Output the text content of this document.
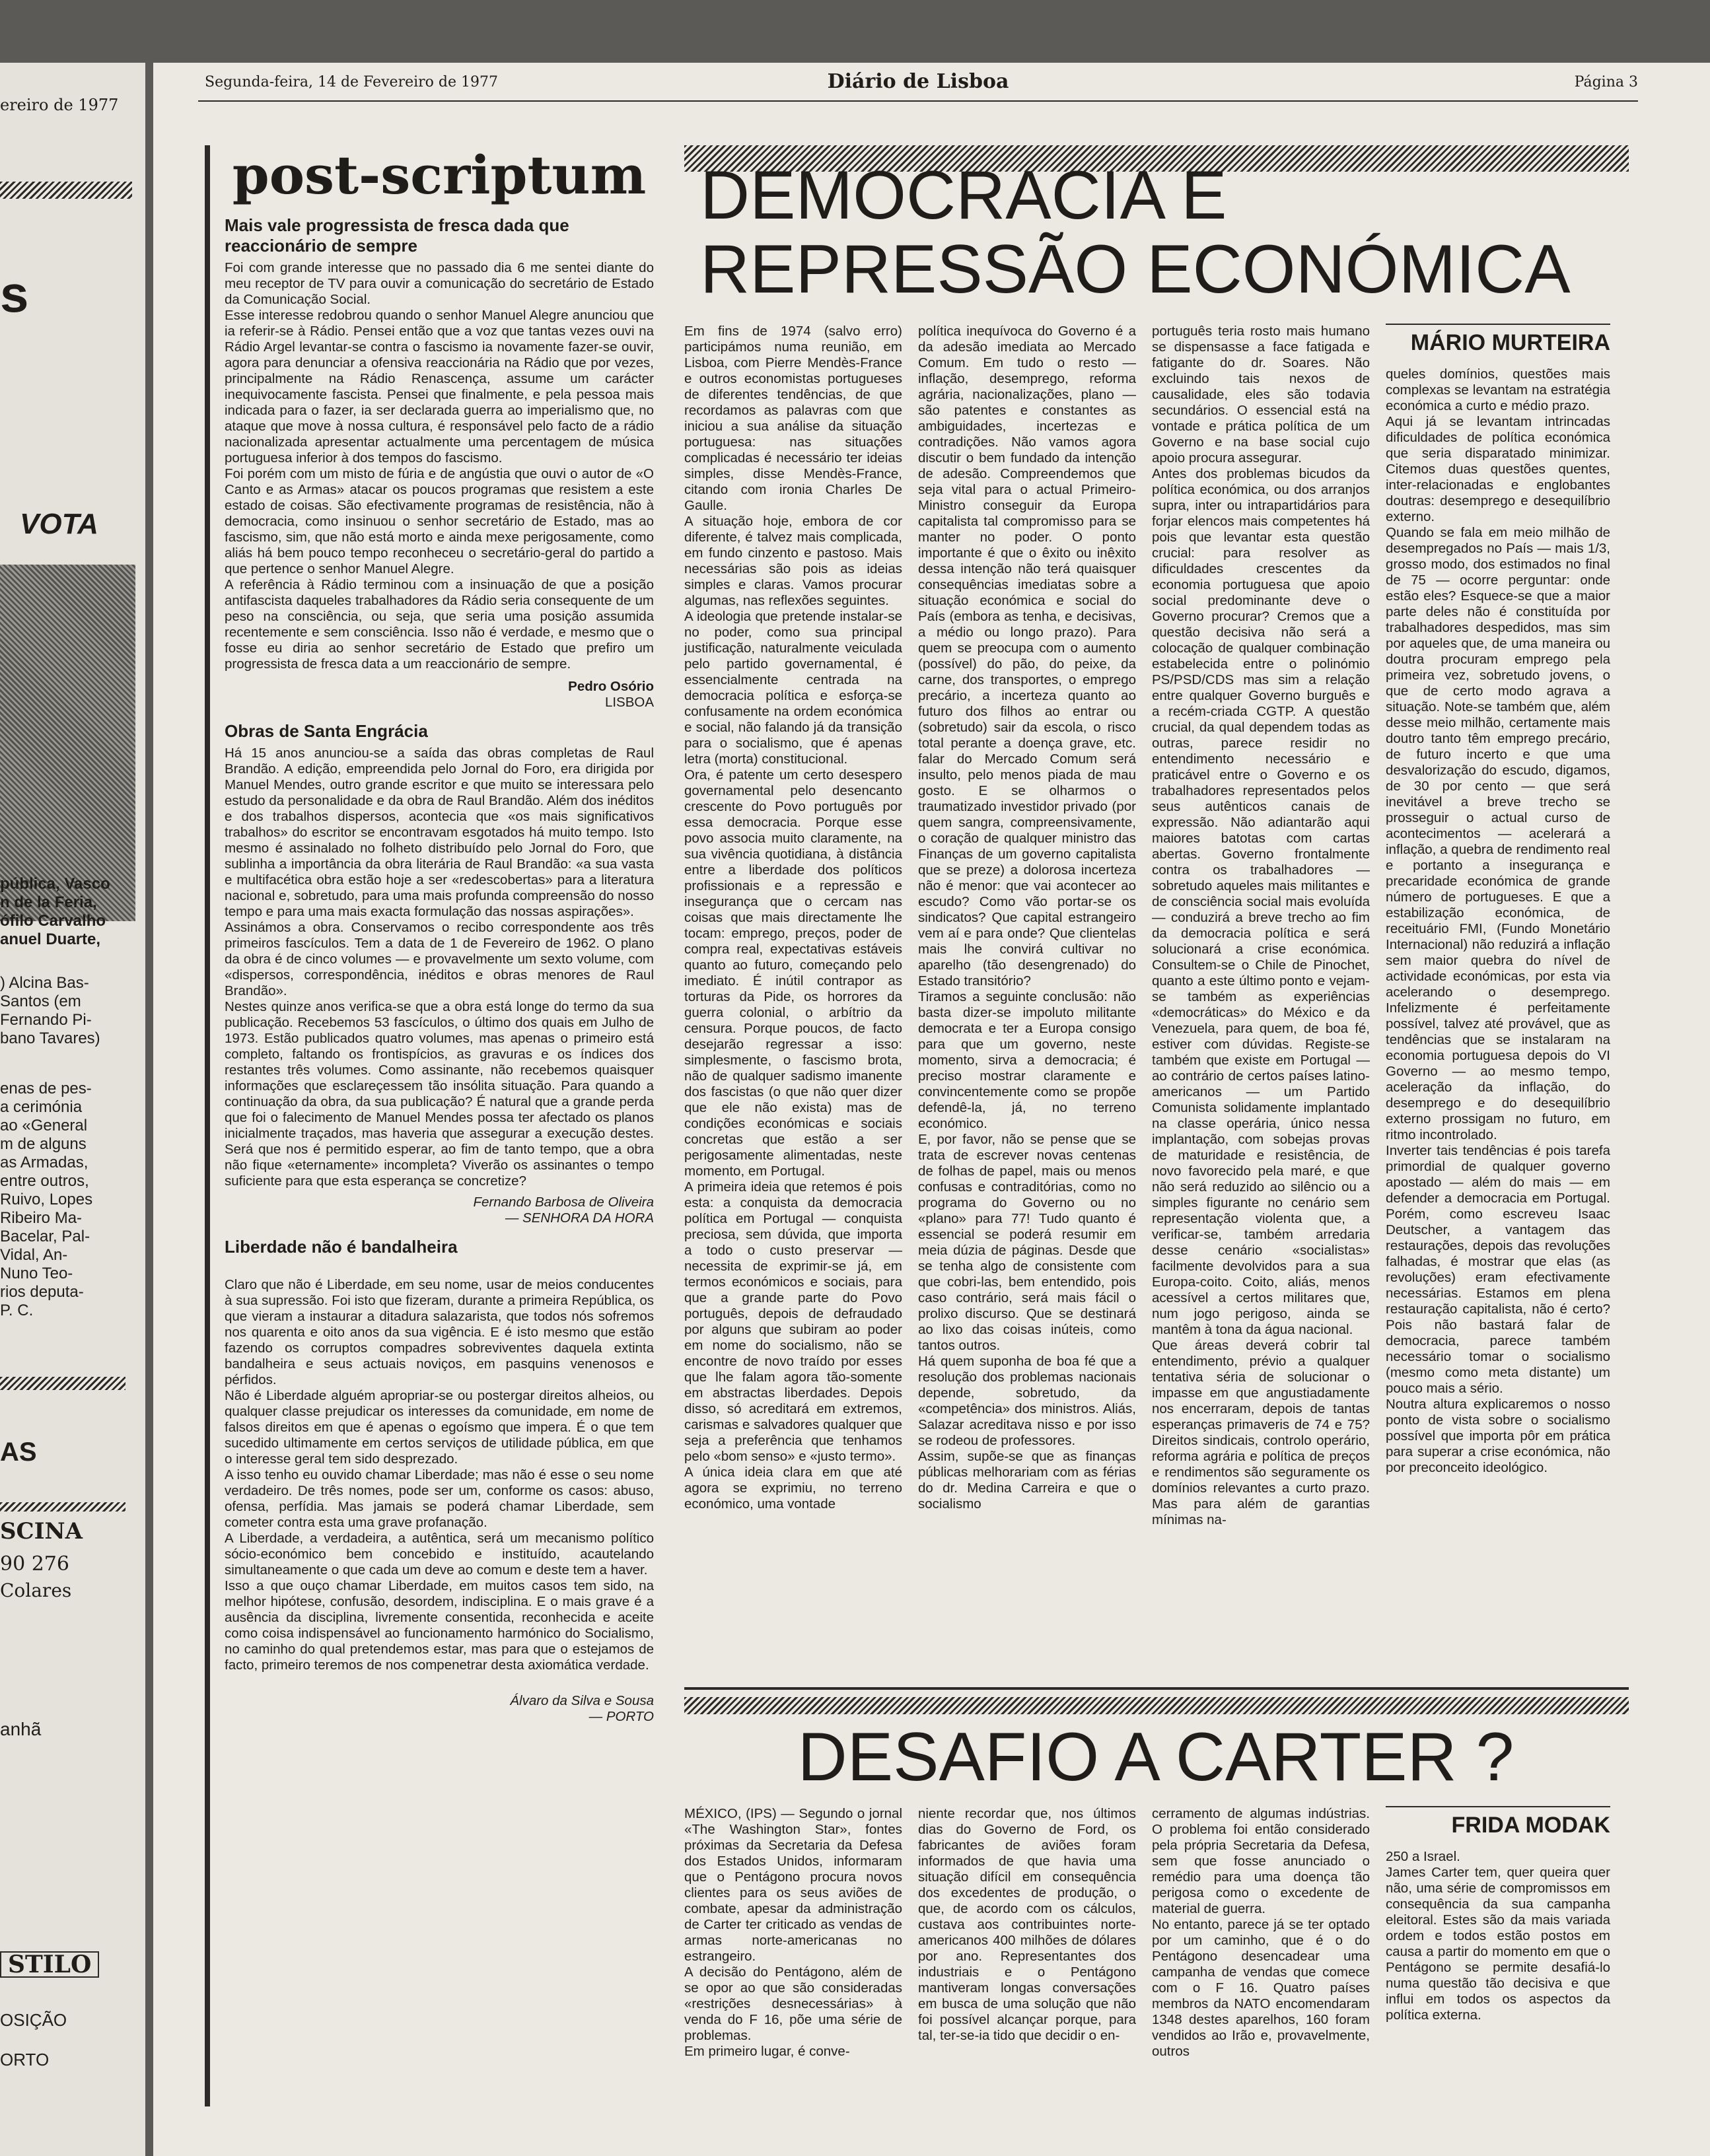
ereiro de 1977
s
VOTA
pública, Vasco
n de la Feria,
ófilo Carvalho
anuel Duarte,
) Alcina Bas-
Santos (em
Fernando Pi-
bano Tavares)
enas de pes-
a cerimónia
ao «General
m de alguns
as Armadas,
entre outros,
Ruivo, Lopes
Ribeiro Ma-
Bacelar, Pal-
Vidal, An-
Nuno Teo-
rios deputa-
P. C.
AS
SCINA
90 276
Colares
anhã
STILO
OSIÇÃO
ORTO
Segunda-feira, 14 de Fevereiro de 1977	Diário de Lisboa	Página 3
post-scriptum
Mais vale progressista de fresca dada que reaccionário de sempre

Foi com grande interesse que no passado dia 6 me sentei diante do meu receptor de TV para ouvir a comunicação do secretário de Estado da Comunicação Social.
Esse interesse redobrou quando o senhor Manuel Alegre anunciou que ia referir-se à Rádio. Pensei então que a voz que tantas vezes ouvi na Rádio Argel levantar-se contra o fascismo ia novamente fazer-se ouvir, agora para denunciar a ofensiva reaccionária na Rádio que por vezes, principalmente na Rádio Renascença, assume um carácter inequivocamente fascista. Pensei que finalmente, e pela pessoa mais indicada para o fazer, ia ser declarada guerra ao imperialismo que, no ataque que move à nossa cultura, é responsável pelo facto de a rádio nacionalizada apresentar actualmente uma percentagem de música portuguesa inferior à dos tempos do fascismo.
Foi porém com um misto de fúria e de angústia que ouvi o autor de «O Canto e as Armas» atacar os poucos programas que resistem a este estado de coisas. São efectivamente programas de resistência, não à democracia, como insinuou o senhor secretário de Estado, mas ao fascismo, sim, que não está morto e ainda mexe perigosamente, como aliás há bem pouco tempo reconheceu o secretário-geral do partido a que pertence o senhor Manuel Alegre.
A referência à Rádio terminou com a insinuação de que a posição antifascista daqueles trabalhadores da Rádio seria consequente de um peso na consciência, ou seja, que seria uma posição assumida recentemente e sem consciência. Isso não é verdade, e mesmo que o fosse eu diria ao senhor secretário de Estado que prefiro um progressista de fresca data a um reaccionário de sempre.

Pedro Osório

LISBOA

Obras de Santa Engrácia

Há 15 anos anunciou-se a saída das obras completas de Raul Brandão. A edição, empreendida pelo Jornal do Foro, era dirigida por Manuel Mendes, outro grande escritor e que muito se interessara pelo estudo da personalidade e da obra de Raul Brandão. Além dos inéditos e dos trabalhos dispersos, acontecia que «os mais significativos trabalhos» do escritor se encontravam esgotados há muito tempo. Isto mesmo é assinalado no folheto distribuído pelo Jornal do Foro, que sublinha a importância da obra literária de Raul Brandão: «a sua vasta e multifacética obra estão hoje a ser «redescobertas» para a literatura nacional e, sobretudo, para uma mais profunda compreensão do nosso tempo e para uma mais exacta formulação das nossas aspirações».
Assinámos a obra. Conservamos o recibo correspondente aos três primeiros fascículos. Tem a data de 1 de Fevereiro de 1962. O plano da obra é de cinco volumes — e provavelmente um sexto volume, com «dispersos, correspondência, inéditos e obras menores de Raul Brandão».
Nestes quinze anos verifica-se que a obra está longe do termo da sua publicação. Recebemos 53 fascículos, o último dos quais em Julho de 1973. Estão publicados quatro volumes, mas apenas o primeiro está completo, faltando os frontispícios, as gravuras e os índices dos restantes três volumes. Como assinante, não recebemos quaisquer informações que esclareçessem tão insólita situação. Para quando a continuação da obra, da sua publicação? É natural que a grande perda que foi o falecimento de Manuel Mendes possa ter afectado os planos inicialmente traçados, mas haveria que assegurar a execução destes. Será que nos é permitido esperar, ao fim de tanto tempo, que a obra não fique «eternamente» incompleta? Viverão os assinantes o tempo suficiente para que esta esperança se concretize?

Fernando Barbosa de Oliveira

— SENHORA DA HORA

Liberdade não é bandalheira

Claro que não é Liberdade, em seu nome, usar de meios conducentes à sua supressão. Foi isto que fizeram, durante a primeira República, os que vieram a instaurar a ditadura salazarista, que todos nós sofremos nos quarenta e oito anos da sua vigência. E é isto mesmo que estão fazendo os corruptos compadres sobreviventes daquela extinta bandalheira e seus actuais noviços, em pasquins venenosos e pérfidos.
Não é Liberdade alguém apropriar-se ou postergar direitos alheios, ou qualquer classe prejudicar os interesses da comunidade, em nome de falsos direitos em que é apenas o egoísmo que impera. É o que tem sucedido ultimamente em certos serviços de utilidade pública, em que o interesse geral tem sido desprezado.
A isso tenho eu ouvido chamar Liberdade; mas não é esse o seu nome verdadeiro. De três nomes, pode ser um, conforme os casos: abuso, ofensa, perfídia. Mas jamais se poderá chamar Liberdade, sem cometer contra esta uma grave profanação.
A Liberdade, a verdadeira, a autêntica, será um mecanismo político sócio-económico bem concebido e instituído, acautelando simultaneamente o que cada um deve ao comum e deste tem a haver.
Isso a que ouço chamar Liberdade, em muitos casos tem sido, na melhor hipótese, confusão, desordem, indisciplina. E o mais grave é a ausência da disciplina, livremente consentida, reconhecida e aceite como coisa indispensável ao funcionamento harmónico do Socialismo, no caminho do qual pretendemos estar, mas para que o estejamos de facto, primeiro teremos de nos compenetrar desta axiomática verdade.

Álvaro da Silva e Sousa

— PORTO

DEMOCRACIA E REPRESSÃO ECONÓMICA

Em fins de 1974 (salvo erro) participámos numa reunião, em Lisboa, com Pierre Mendès-France e outros economistas portugueses de diferentes tendências, de que recordamos as palavras com que iniciou a sua análise da situação portuguesa: nas situações complicadas é necessário ter ideias simples, disse Mendès-France, citando com ironia Charles De Gaulle.
A situação hoje, embora de cor diferente, é talvez mais complicada, em fundo cinzento e pastoso. Mais necessárias são pois as ideias simples e claras. Vamos procurar algumas, nas reflexões seguintes.
A ideologia que pretende instalar-se no poder, como sua principal justificação, naturalmente veiculada pelo partido governamental, é essencialmente centrada na democracia política e esforça-se confusamente na ordem económica e social, não falando já da transição para o socialismo, que é apenas letra (morta) constitucional.
Ora, é patente um certo desespero governamental pelo desencanto crescente do Povo português por essa democracia. Porque esse povo associa muito claramente, na sua vivência quotidiana, à distância entre a liberdade dos políticos profissionais e a repressão e insegurança que o cercam nas coisas que mais directamente lhe tocam: emprego, preços, poder de compra real, expectativas estáveis quanto ao futuro, começando pelo imediato. É inútil contrapor as torturas da Pide, os horrores da guerra colonial, o arbítrio da censura. Porque poucos, de facto desejarão regressar a isso: simplesmente, o fascismo brota, não de qualquer sadismo imanente dos fascistas (o que não quer dizer que ele não exista) mas de condições económicas e sociais concretas que estão a ser perigosamente alimentadas, neste momento, em Portugal.
A primeira ideia que retemos é pois esta: a conquista da democracia política em Portugal — conquista preciosa, sem dúvida, que importa a todo o custo preservar — necessita de exprimir-se já, em termos económicos e sociais, para que a grande parte do Povo português, depois de defraudado por alguns que subiram ao poder em nome do socialismo, não se encontre de novo traído por esses que lhe falam agora tão-somente em abstractas liberdades. Depois disso, só acreditará em extremos, carismas e salvadores qualquer que seja a preferência que tenhamos pelo «bom senso» e «justo termo».
A única ideia clara em que até agora se exprimiu, no terreno económico, uma vontade

política inequívoca do Governo é a da adesão imediata ao Mercado Comum. Em tudo o resto — inflação, desemprego, reforma agrária, nacionalizações, plano — são patentes e constantes as ambiguidades, incertezas e contradições. Não vamos agora discutir o bem fundado da intenção de adesão. Compreendemos que seja vital para o actual Primeiro-Ministro conseguir da Europa capitalista tal compromisso para se manter no poder. O ponto importante é que o êxito ou inêxito dessa intenção não terá quaisquer consequências imediatas sobre a situação económica e social do País (embora as tenha, e decisivas, a médio ou longo prazo). Para quem se preocupa com o aumento (possível) do pão, do peixe, da carne, dos transportes, o emprego precário, a incerteza quanto ao futuro dos filhos ao entrar ou (sobretudo) sair da escola, o risco total perante a doença grave, etc. falar do Mercado Comum será insulto, pelo menos piada de mau gosto. E se olharmos o traumatizado investidor privado (por quem sangra, compreensivamente, o coração de qualquer ministro das Finanças de um governo capitalista que se preze) a dolorosa incerteza não é menor: que vai acontecer ao escudo? Como vão portar-se os sindicatos? Que capital estrangeiro vem aí e para onde? Que clientelas mais lhe convirá cultivar no aparelho (tão desengrenado) do Estado transitório?
Tiramos a seguinte conclusão: não basta dizer-se impoluto militante democrata e ter a Europa consigo para que um governo, neste momento, sirva a democracia; é preciso mostrar claramente e convincentemente como se propõe defendê-la, já, no terreno económico.
E, por favor, não se pense que se trata de escrever novas centenas de folhas de papel, mais ou menos confusas e contraditórias, como no programa do Governo ou no «plano» para 77! Tudo quanto é essencial se poderá resumir em meia dúzia de páginas. Desde que se tenha algo de consistente com que cobri-las, bem entendido, pois caso contrário, será mais fácil o prolixo discurso. Que se destinará ao lixo das coisas inúteis, como tantos outros.
Há quem suponha de boa fé que a resolução dos problemas nacionais depende, sobretudo, da «competência» dos ministros. Aliás, Salazar acreditava nisso e por isso se rodeou de professores.
Assim, supõe-se que as finanças públicas melhorariam com as férias do dr. Medina Carreira e que o socialismo

português teria rosto mais humano se dispensasse a face fatigada e fatigante do dr. Soares. Não excluindo tais nexos de causalidade, eles são todavia secundários. O essencial está na vontade e prática política de um Governo e na base social cujo apoio procura assegurar.
Antes dos problemas bicudos da política económica, ou dos arranjos supra, inter ou intrapartidários para forjar elencos mais competentes há pois que levantar esta questão crucial: para resolver as dificuldades crescentes da economia portuguesa que apoio social predominante deve o Governo procurar? Cremos que a questão decisiva não será a colocação de qualquer combinação estabelecida entre o polinómio PS/PSD/CDS mas sim a relação entre qualquer Governo burguês e a recém-criada CGTP. A questão crucial, da qual dependem todas as outras, parece residir no entendimento necessário e praticável entre o Governo e os trabalhadores representados pelos seus autênticos canais de expressão. Não adiantarão aqui maiores batotas com cartas abertas. Governo frontalmente contra os trabalhadores — sobretudo aqueles mais militantes e de consciência social mais evoluída — conduzirá a breve trecho ao fim da democracia política e será solucionará a crise económica. Consultem-se o Chile de Pinochet, quanto a este último ponto e vejam-se também as experiências «democráticas» do México e da Venezuela, para quem, de boa fé, estiver com dúvidas. Registe-se também que existe em Portugal — ao contrário de certos países latino-americanos — um Partido Comunista solidamente implantado na classe operária, único nessa implantação, com sobejas provas de maturidade e resistência, de novo favorecido pela maré, e que não será reduzido ao silêncio ou a simples figurante no cenário sem representação violenta que, a verificar-se, também arredaria desse cenário «socialistas» facilmente devolvidos para a sua Europa-coito. Coito, aliás, menos acessível a certos militares que, num jogo perigoso, ainda se mantêm à tona da água nacional.
Que áreas deverá cobrir tal entendimento, prévio a qualquer tentativa séria de solucionar o impasse em que angustiadamente nos encerraram, depois de tantas esperanças primaveris de 74 e 75? Direitos sindicais, controlo operário, reforma agrária e política de preços e rendimentos são seguramente os domínios relevantes a curto prazo. Mas para além de garantias mínimas na-

MÁRIO MURTEIRA

queles domínios, questões mais complexas se levantam na estratégia económica a curto e médio prazo.
Aqui já se levantam intrincadas dificuldades de política económica que seria disparatado minimizar. Citemos duas questões quentes, inter-relacionadas e englobantes doutras: desemprego e desequilíbrio externo.
Quando se fala em meio milhão de desempregados no País — mais 1/3, grosso modo, dos estimados no final de 75 — ocorre perguntar: onde estão eles? Esquece-se que a maior parte deles não é constituída por trabalhadores despedidos, mas sim por aqueles que, de uma maneira ou doutra procuram emprego pela primeira vez, sobretudo jovens, o que de certo modo agrava a situação. Note-se também que, além desse meio milhão, certamente mais doutro tanto têm emprego precário, de futuro incerto e que uma desvalorização do escudo, digamos, de 30 por cento — que será inevitável a breve trecho se prosseguir o actual curso de acontecimentos — acelerará a inflação, a quebra de rendimento real e portanto a insegurança e precaridade económica de grande número de portugueses. E que a estabilização económica, de receituário FMI, (Fundo Monetário Internacional) não reduzirá a inflação sem maior quebra do nível de actividade económicas, por esta via acelerando o desemprego. Infelizmente é perfeitamente possível, talvez até provável, que as tendências que se instalaram na economia portuguesa depois do VI Governo — ao mesmo tempo, aceleração da inflação, do desemprego e do desequilíbrio externo prossigam no futuro, em ritmo incontrolado.
Inverter tais tendências é pois tarefa primordial de qualquer governo apostado — além do mais — em defender a democracia em Portugal. Porém, como escreveu Isaac Deutscher, a vantagem das restaurações, depois das revoluções falhadas, é mostrar que elas (as revoluções) eram efectivamente necessárias. Estamos em plena restauração capitalista, não é certo? Pois não bastará falar de democracia, parece também necessário tomar o socialismo (mesmo como meta distante) um pouco mais a sério.
Noutra altura explicaremos o nosso ponto de vista sobre o socialismo possível que importa pôr em prática para superar a crise económica, não por preconceito ideológico.

DESAFIO A CARTER ?

MÉXICO, (IPS) — Segundo o jornal «The Washington Star», fontes próximas da Secretaria da Defesa dos Estados Unidos, informaram que o Pentágono procura novos clientes para os seus aviões de combate, apesar da administração de Carter ter criticado as vendas de armas norte-americanas no estrangeiro.
A decisão do Pentágono, além de se opor ao que são consideradas «restrições desnecessárias» à venda do F 16, põe uma série de problemas.
Em primeiro lugar, é conve-

niente recordar que, nos últimos dias do Governo de Ford, os fabricantes de aviões foram informados de que havia uma situação difícil em consequência dos excedentes de produção, o que, de acordo com os cálculos, custava aos contribuintes norte-americanos 400 milhões de dólares por ano. Representantes dos industriais e o Pentágono mantiveram longas conversações em busca de uma solução que não foi possível alcançar porque, para tal, ter-se-ia tido que decidir o en-

cerramento de algumas indústrias. O problema foi então considerado pela própria Secretaria da Defesa, sem que fosse anunciado o remédio para uma doença tão perigosa como o excedente de material de guerra.
No entanto, parece já se ter optado por um caminho, que é o do Pentágono desencadear uma campanha de vendas que comece com o F 16. Quatro países membros da NATO encomendaram 1348 destes aparelhos, 160 foram vendidos ao Irão e, provavelmente, outros

FRIDA MODAK

250 a Israel.
James Carter tem, quer queira quer não, uma série de compromissos em consequência da sua campanha eleitoral. Estes são da mais variada ordem e todos estão postos em causa a partir do momento em que o Pentágono se permite desafiá-lo numa questão tão decisiva e que influi em todos os aspectos da política externa.
